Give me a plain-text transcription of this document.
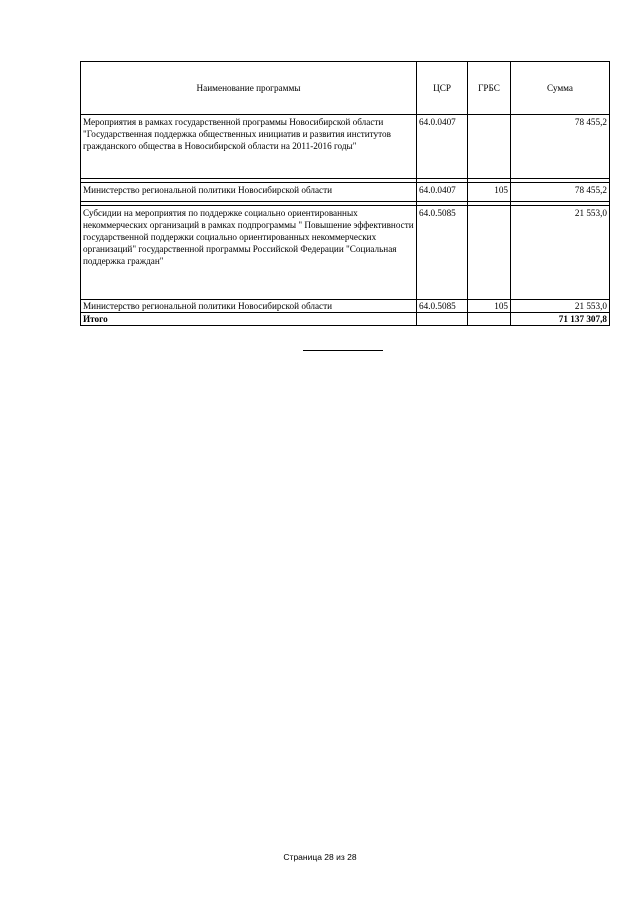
Наименование программы	ЦСР	ГРБС	Сумма
Мероприятия в рамках государственной программы Новосибирской области "Государственная поддержка общественных инициатив и развития институтов гражданского общества в Новосибирской области на 2011-2016 годы"	64.0.0407		78 455,2

Министерство региональной политики Новосибирской области	64.0.0407	105	78 455,2

Субсидии на мероприятия по поддержке социально ориентированных некоммерческих организаций в рамках подпрограммы " Повышение эффективности государственной поддержки социально ориентированных некоммерческих организаций" государственной программы Российской Федерации "Социальная поддержка граждан"	64.0.5085		21 553,0
Министерство региональной политики Новосибирской области	64.0.5085	105	21 553,0
Итого			71 137 307,8
Страница 28 из 28
